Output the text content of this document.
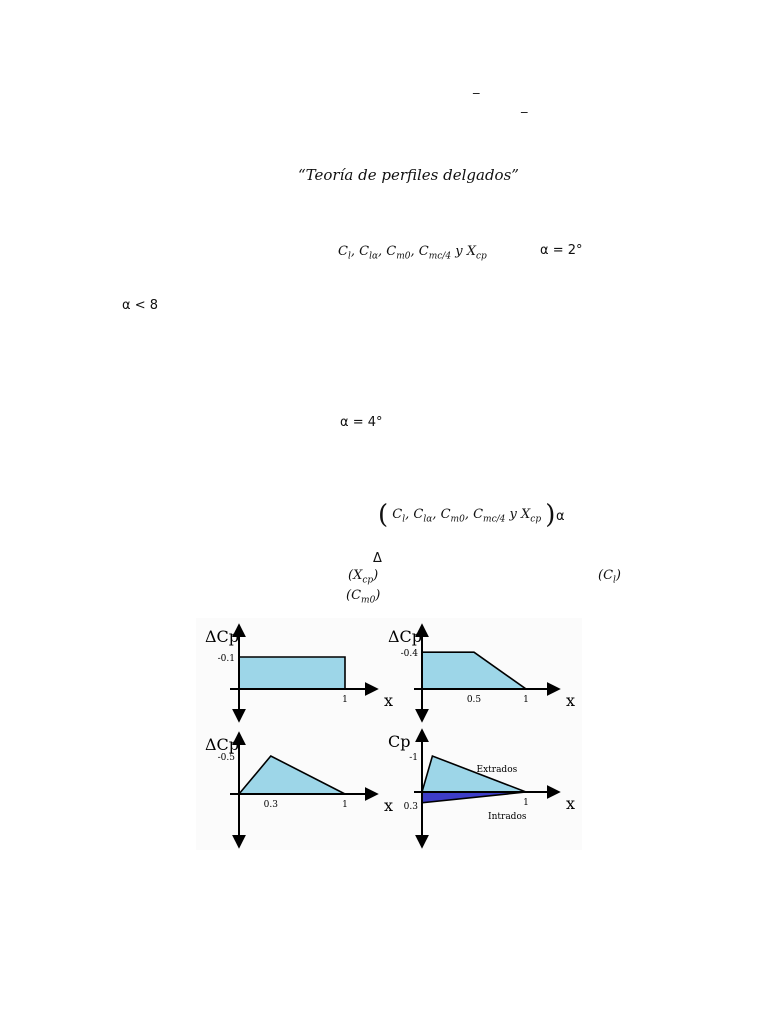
_
_
“Teoría de perfiles delgados”
$C_l$, $C_{l\alpha}$, $C_{m0}$, $C_{mc/4}$ y $X_{cp}$	α = 2°
α < 8
α = 4°
( $^{C_l, C_{l\alpha}, C_{m0}, C_{mc/4} y X_{cp}}$ ) α
Δ
$(X_{cp})$	$(C_l)$
$(C_{m0})$
ΔCp
x
-0.1
1
ΔCp
x
-0.4
0.5	1
ΔCp
x
-0.5
0.3	1
Cp
x
-1
0.3	1
Extrados
Intrados
